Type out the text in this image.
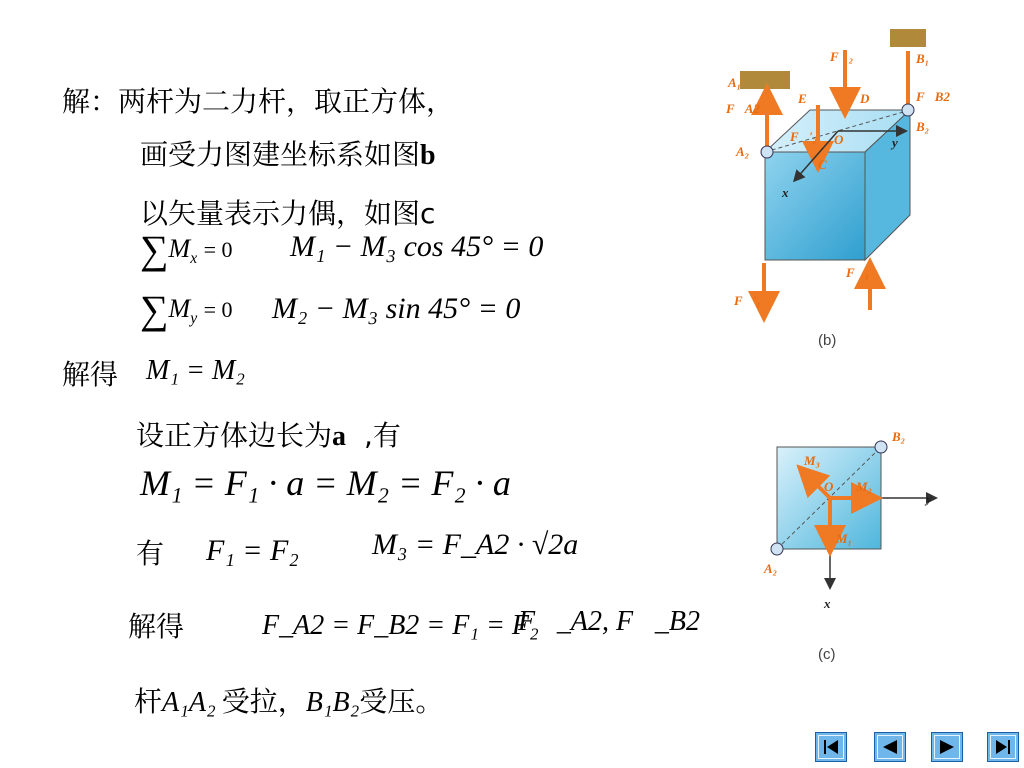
解：两杆为二力杆，取正方体，
画受力图建坐标系如图b
以矢量表示力偶，如图c
$\sum M_x = 0$ M₁ − M₃ cos 45° = 0
$\sum M_y = 0$ M₂ − M₃ sin 45° = 0
解得 M₁ = M₂
设正方体边长为a ,有
M₁ = F₁ · a = M₂ = F₂ · a
有 F₁ = F₂ M₃ = F_A2 · √2a
解得	F_A2 = F_B2 = F₁ = F₂
F⃗_A2, F⃗_B2
杆A₁A₂ 受拉，B₁B₂受压。
A₁
F⃗A2
A₂
E	D
F⃗₂
F⃗'₂ O
C
y
x
B₁
F⃗B2
B₂
F⃗₁
F⃗'₁
(b)
B₂
A₂
M₃
M₂
M₁
O
y
x
(c)
